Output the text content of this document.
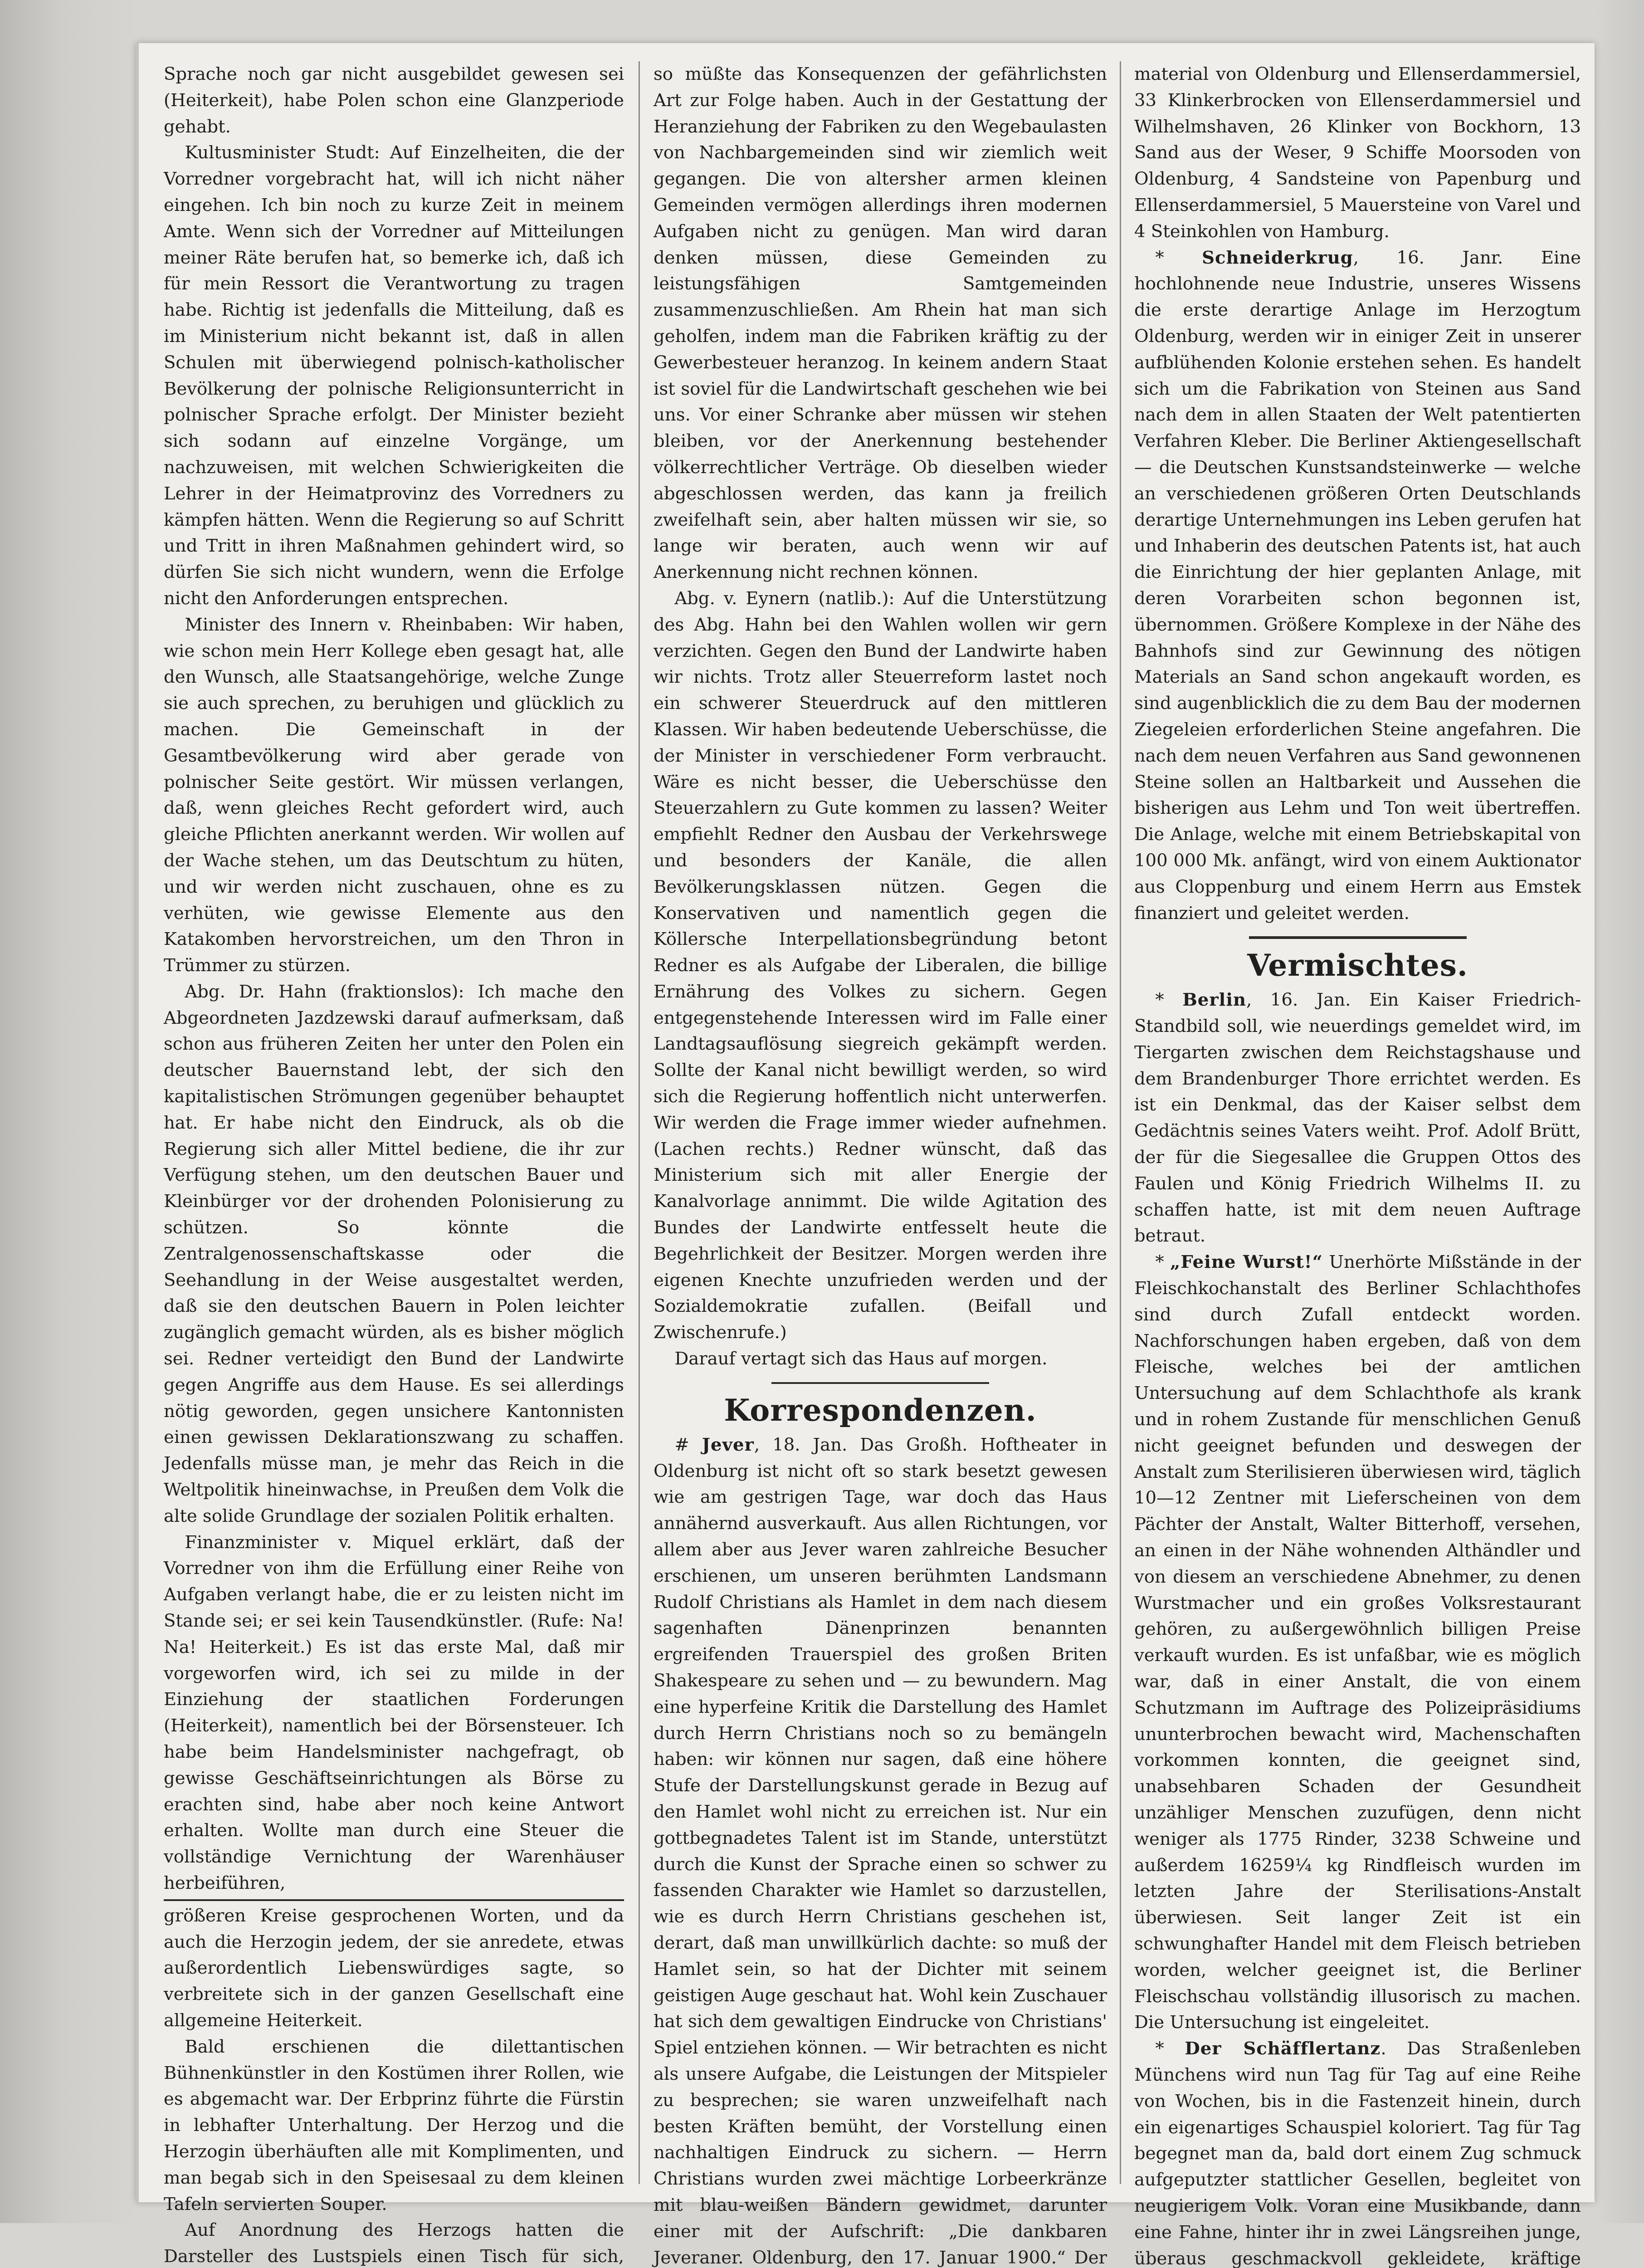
Sprache noch gar nicht ausgebildet gewesen sei (Heiterkeit), habe Polen schon eine Glanzperiode gehabt.

Kultusminister Studt: Auf Einzelheiten, die der Vorredner vorgebracht hat, will ich nicht näher eingehen. Ich bin noch zu kurze Zeit in meinem Amte. Wenn sich der Vorredner auf Mitteilungen meiner Räte berufen hat, so bemerke ich, daß ich für mein Ressort die Verantwortung zu tragen habe. Richtig ist jedenfalls die Mitteilung, daß es im Ministerium nicht bekannt ist, daß in allen Schulen mit überwiegend polnisch-katholischer Bevölkerung der polnische Religionsunterricht in polnischer Sprache erfolgt. Der Minister bezieht sich sodann auf einzelne Vorgänge, um nachzuweisen, mit welchen Schwierigkeiten die Lehrer in der Heimatprovinz des Vorredners zu kämpfen hätten. Wenn die Regierung so auf Schritt und Tritt in ihren Maßnahmen gehindert wird, so dürfen Sie sich nicht wundern, wenn die Erfolge nicht den Anforderungen entsprechen.

Minister des Innern v. Rheinbaben: Wir haben, wie schon mein Herr Kollege eben gesagt hat, alle den Wunsch, alle Staatsangehörige, welche Zunge sie auch sprechen, zu beruhigen und glücklich zu machen. Die Gemeinschaft in der Gesamtbevölkerung wird aber gerade von polnischer Seite gestört. Wir müssen verlangen, daß, wenn gleiches Recht gefordert wird, auch gleiche Pflichten anerkannt werden. Wir wollen auf der Wache stehen, um das Deutschtum zu hüten, und wir werden nicht zuschauen, ohne es zu verhüten, wie gewisse Elemente aus den Katakomben hervorstreichen, um den Thron in Trümmer zu stürzen.

Abg. Dr. Hahn (fraktionslos): Ich mache den Abgeordneten Jazdzewski darauf aufmerksam, daß schon aus früheren Zeiten her unter den Polen ein deutscher Bauernstand lebt, der sich den kapitalistischen Strömungen gegenüber behauptet hat. Er habe nicht den Eindruck, als ob die Regierung sich aller Mittel bediene, die ihr zur Verfügung stehen, um den deutschen Bauer und Kleinbürger vor der drohenden Polonisierung zu schützen. So könnte die Zentralgenossenschaftskasse oder die Seehandlung in der Weise ausgestaltet werden, daß sie den deutschen Bauern in Polen leichter zugänglich gemacht würden, als es bisher möglich sei. Redner verteidigt den Bund der Landwirte gegen Angriffe aus dem Hause. Es sei allerdings nötig geworden, gegen unsichere Kantonnisten einen gewissen Deklarationszwang zu schaffen. Jedenfalls müsse man, je mehr das Reich in die Weltpolitik hineinwachse, in Preußen dem Volk die alte solide Grundlage der sozialen Politik erhalten.

Finanzminister v. Miquel erklärt, daß der Vorredner von ihm die Erfüllung einer Reihe von Aufgaben verlangt habe, die er zu leisten nicht im Stande sei; er sei kein Tausendkünstler. (Rufe: Na! Na! Heiterkeit.) Es ist das erste Mal, daß mir vorgeworfen wird, ich sei zu milde in der Einziehung der staatlichen Forderungen (Heiterkeit), namentlich bei der Börsensteuer. Ich habe beim Handelsminister nachgefragt, ob gewisse Geschäftseinrichtungen als Börse zu erachten sind, habe aber noch keine Antwort erhalten. Wollte man durch eine Steuer die vollständige Vernichtung der Warenhäuser herbeiführen,

größeren Kreise gesprochenen Worten, und da auch die Herzogin jedem, der sie anredete, etwas außerordentlich Liebenswürdiges sagte, so verbreitete sich in der ganzen Gesellschaft eine allgemeine Heiterkeit.

Bald erschienen die dilettantischen Bühnenkünstler in den Kostümen ihrer Rollen, wie es abgemacht war. Der Erbprinz führte die Fürstin in lebhafter Unterhaltung. Der Herzog und die Herzogin überhäuften alle mit Komplimenten, und man begab sich in den Speisesaal zu dem kleinen Tafeln servierten Souper.

Auf Anordnung des Herzogs hatten die Darsteller des Lustspiels einen Tisch für sich,

so müßte das Konsequenzen der gefährlichsten Art zur Folge haben. Auch in der Gestattung der Heranziehung der Fabriken zu den Wegebaulasten von Nachbargemeinden sind wir ziemlich weit gegangen. Die von altersher armen kleinen Gemeinden vermögen allerdings ihren modernen Aufgaben nicht zu genügen. Man wird daran denken müssen, diese Gemeinden zu leistungsfähigen Samtgemeinden zusammenzuschließen. Am Rhein hat man sich geholfen, indem man die Fabriken kräftig zu der Gewerbesteuer heranzog. In keinem andern Staat ist soviel für die Landwirtschaft geschehen wie bei uns. Vor einer Schranke aber müssen wir stehen bleiben, vor der Anerkennung bestehender völkerrechtlicher Verträge. Ob dieselben wieder abgeschlossen werden, das kann ja freilich zweifelhaft sein, aber halten müssen wir sie, so lange wir beraten, auch wenn wir auf Anerkennung nicht rechnen können.

Abg. v. Eynern (natlib.): Auf die Unterstützung des Abg. Hahn bei den Wahlen wollen wir gern verzichten. Gegen den Bund der Landwirte haben wir nichts. Trotz aller Steuerreform lastet noch ein schwerer Steuerdruck auf den mittleren Klassen. Wir haben bedeutende Ueberschüsse, die der Minister in verschiedener Form verbraucht. Wäre es nicht besser, die Ueberschüsse den Steuerzahlern zu Gute kommen zu lassen? Weiter empfiehlt Redner den Ausbau der Verkehrswege und besonders der Kanäle, die allen Bevölkerungsklassen nützen. Gegen die Konservativen und namentlich gegen die Köllersche Interpellationsbegründung betont Redner es als Aufgabe der Liberalen, die billige Ernährung des Volkes zu sichern. Gegen entgegenstehende Interessen wird im Falle einer Landtagsauflösung siegreich gekämpft werden. Sollte der Kanal nicht bewilligt werden, so wird sich die Regierung hoffentlich nicht unterwerfen. Wir werden die Frage immer wieder aufnehmen. (Lachen rechts.) Redner wünscht, daß das Ministerium sich mit aller Energie der Kanalvorlage annimmt. Die wilde Agitation des Bundes der Landwirte entfesselt heute die Begehrlichkeit der Besitzer. Morgen werden ihre eigenen Knechte unzufrieden werden und der Sozialdemokratie zufallen. (Beifall und Zwischenrufe.)

Darauf vertagt sich das Haus auf morgen.

Korrespondenzen.

# Jever, 18. Jan. Das Großh. Hoftheater in Oldenburg ist nicht oft so stark besetzt gewesen wie am gestrigen Tage, war doch das Haus annähernd ausverkauft. Aus allen Richtungen, vor allem aber aus Jever waren zahlreiche Besucher erschienen, um unseren berühmten Landsmann Rudolf Christians als Hamlet in dem nach diesem sagenhaften Dänenprinzen benannten ergreifenden Trauerspiel des großen Briten Shakespeare zu sehen und — zu bewundern. Mag eine hyperfeine Kritik die Darstellung des Hamlet durch Herrn Christians noch so zu bemängeln haben: wir können nur sagen, daß eine höhere Stufe der Darstellungskunst gerade in Bezug auf den Hamlet wohl nicht zu erreichen ist. Nur ein gottbegnadetes Talent ist im Stande, unterstützt durch die Kunst der Sprache einen so schwer zu fassenden Charakter wie Hamlet so darzustellen, wie es durch Herrn Christians geschehen ist, derart, daß man unwillkürlich dachte: so muß der Hamlet sein, so hat der Dichter mit seinem geistigen Auge geschaut hat. Wohl kein Zuschauer hat sich dem gewaltigen Eindrucke von Christians' Spiel entziehen können. — Wir betrachten es nicht als unsere Aufgabe, die Leistungen der Mitspieler zu besprechen; sie waren unzweifelhaft nach besten Kräften bemüht, der Vorstellung einen nachhaltigen Eindruck zu sichern. — Herrn Christians wurden zwei mächtige Lorbeerkränze mit blau-weißen Bändern gewidmet, darunter einer mit der Aufschrift: „Die dankbaren Jeveraner. Oldenburg, den 17. Januar 1900.“ Der

material von Oldenburg und Ellenserdammersiel, 33 Klinkerbrocken von Ellenserdammersiel und Wilhelmshaven, 26 Klinker von Bockhorn, 13 Sand aus der Weser, 9 Schiffe Moorsoden von Oldenburg, 4 Sandsteine von Papenburg und Ellenserdammersiel, 5 Mauersteine von Varel und 4 Steinkohlen von Hamburg.

* Schneiderkrug, 16. Janr. Eine hochlohnende neue Industrie, unseres Wissens die erste derartige Anlage im Herzogtum Oldenburg, werden wir in einiger Zeit in unserer aufblühenden Kolonie erstehen sehen. Es handelt sich um die Fabrikation von Steinen aus Sand nach dem in allen Staaten der Welt patentierten Verfahren Kleber. Die Berliner Aktiengesellschaft — die Deutschen Kunstsandsteinwerke — welche an verschiedenen größeren Orten Deutschlands derartige Unternehmungen ins Leben gerufen hat und Inhaberin des deutschen Patents ist, hat auch die Einrichtung der hier geplanten Anlage, mit deren Vorarbeiten schon begonnen ist, übernommen. Größere Komplexe in der Nähe des Bahnhofs sind zur Gewinnung des nötigen Materials an Sand schon angekauft worden, es sind augenblicklich die zu dem Bau der modernen Ziegeleien erforderlichen Steine angefahren. Die nach dem neuen Verfahren aus Sand gewonnenen Steine sollen an Haltbarkeit und Aussehen die bisherigen aus Lehm und Ton weit übertreffen. Die Anlage, welche mit einem Betriebskapital von 100 000 Mk. anfängt, wird von einem Auktionator aus Cloppenburg und einem Herrn aus Emstek finanziert und geleitet werden.

Vermischtes.

* Berlin, 16. Jan. Ein Kaiser Friedrich-Standbild soll, wie neuerdings gemeldet wird, im Tiergarten zwischen dem Reichstagshause und dem Brandenburger Thore errichtet werden. Es ist ein Denkmal, das der Kaiser selbst dem Gedächtnis seines Vaters weiht. Prof. Adolf Brütt, der für die Siegesallee die Gruppen Ottos des Faulen und König Friedrich Wilhelms II. zu schaffen hatte, ist mit dem neuen Auftrage betraut.

* „Feine Wurst!“ Unerhörte Mißstände in der Fleischkochanstalt des Berliner Schlachthofes sind durch Zufall entdeckt worden. Nachforschungen haben ergeben, daß von dem Fleische, welches bei der amtlichen Untersuchung auf dem Schlachthofe als krank und in rohem Zustande für menschlichen Genuß nicht geeignet befunden und deswegen der Anstalt zum Sterilisieren überwiesen wird, täglich 10—12 Zentner mit Lieferscheinen von dem Pächter der Anstalt, Walter Bitterhoff, versehen, an einen in der Nähe wohnenden Althändler und von diesem an verschiedene Abnehmer, zu denen Wurstmacher und ein großes Volksrestaurant gehören, zu außergewöhnlich billigen Preise verkauft wurden. Es ist unfaßbar, wie es möglich war, daß in einer Anstalt, die von einem Schutzmann im Auftrage des Polizeipräsidiums ununterbrochen bewacht wird, Machenschaften vorkommen konnten, die geeignet sind, unabsehbaren Schaden der Gesundheit unzähliger Menschen zuzufügen, denn nicht weniger als 1775 Rinder, 3238 Schweine und außerdem 16259¼ kg Rindfleisch wurden im letzten Jahre der Sterilisations-Anstalt überwiesen. Seit langer Zeit ist ein schwunghafter Handel mit dem Fleisch betrieben worden, welcher geeignet ist, die Berliner Fleischschau vollständig illusorisch zu machen. Die Untersuchung ist eingeleitet.

* Der Schäfflertanz. Das Straßenleben Münchens wird nun Tag für Tag auf eine Reihe von Wochen, bis in die Fastenzeit hinein, durch ein eigenartiges Schauspiel koloriert. Tag für Tag begegnet man da, bald dort einem Zug schmuck aufgeputzter stattlicher Gesellen, begleitet von neugierigem Volk. Voran eine Musikbande, dann eine Fahne, hinter ihr in zwei Längsreihen junge, überaus geschmackvoll gekleidete, kräftige
